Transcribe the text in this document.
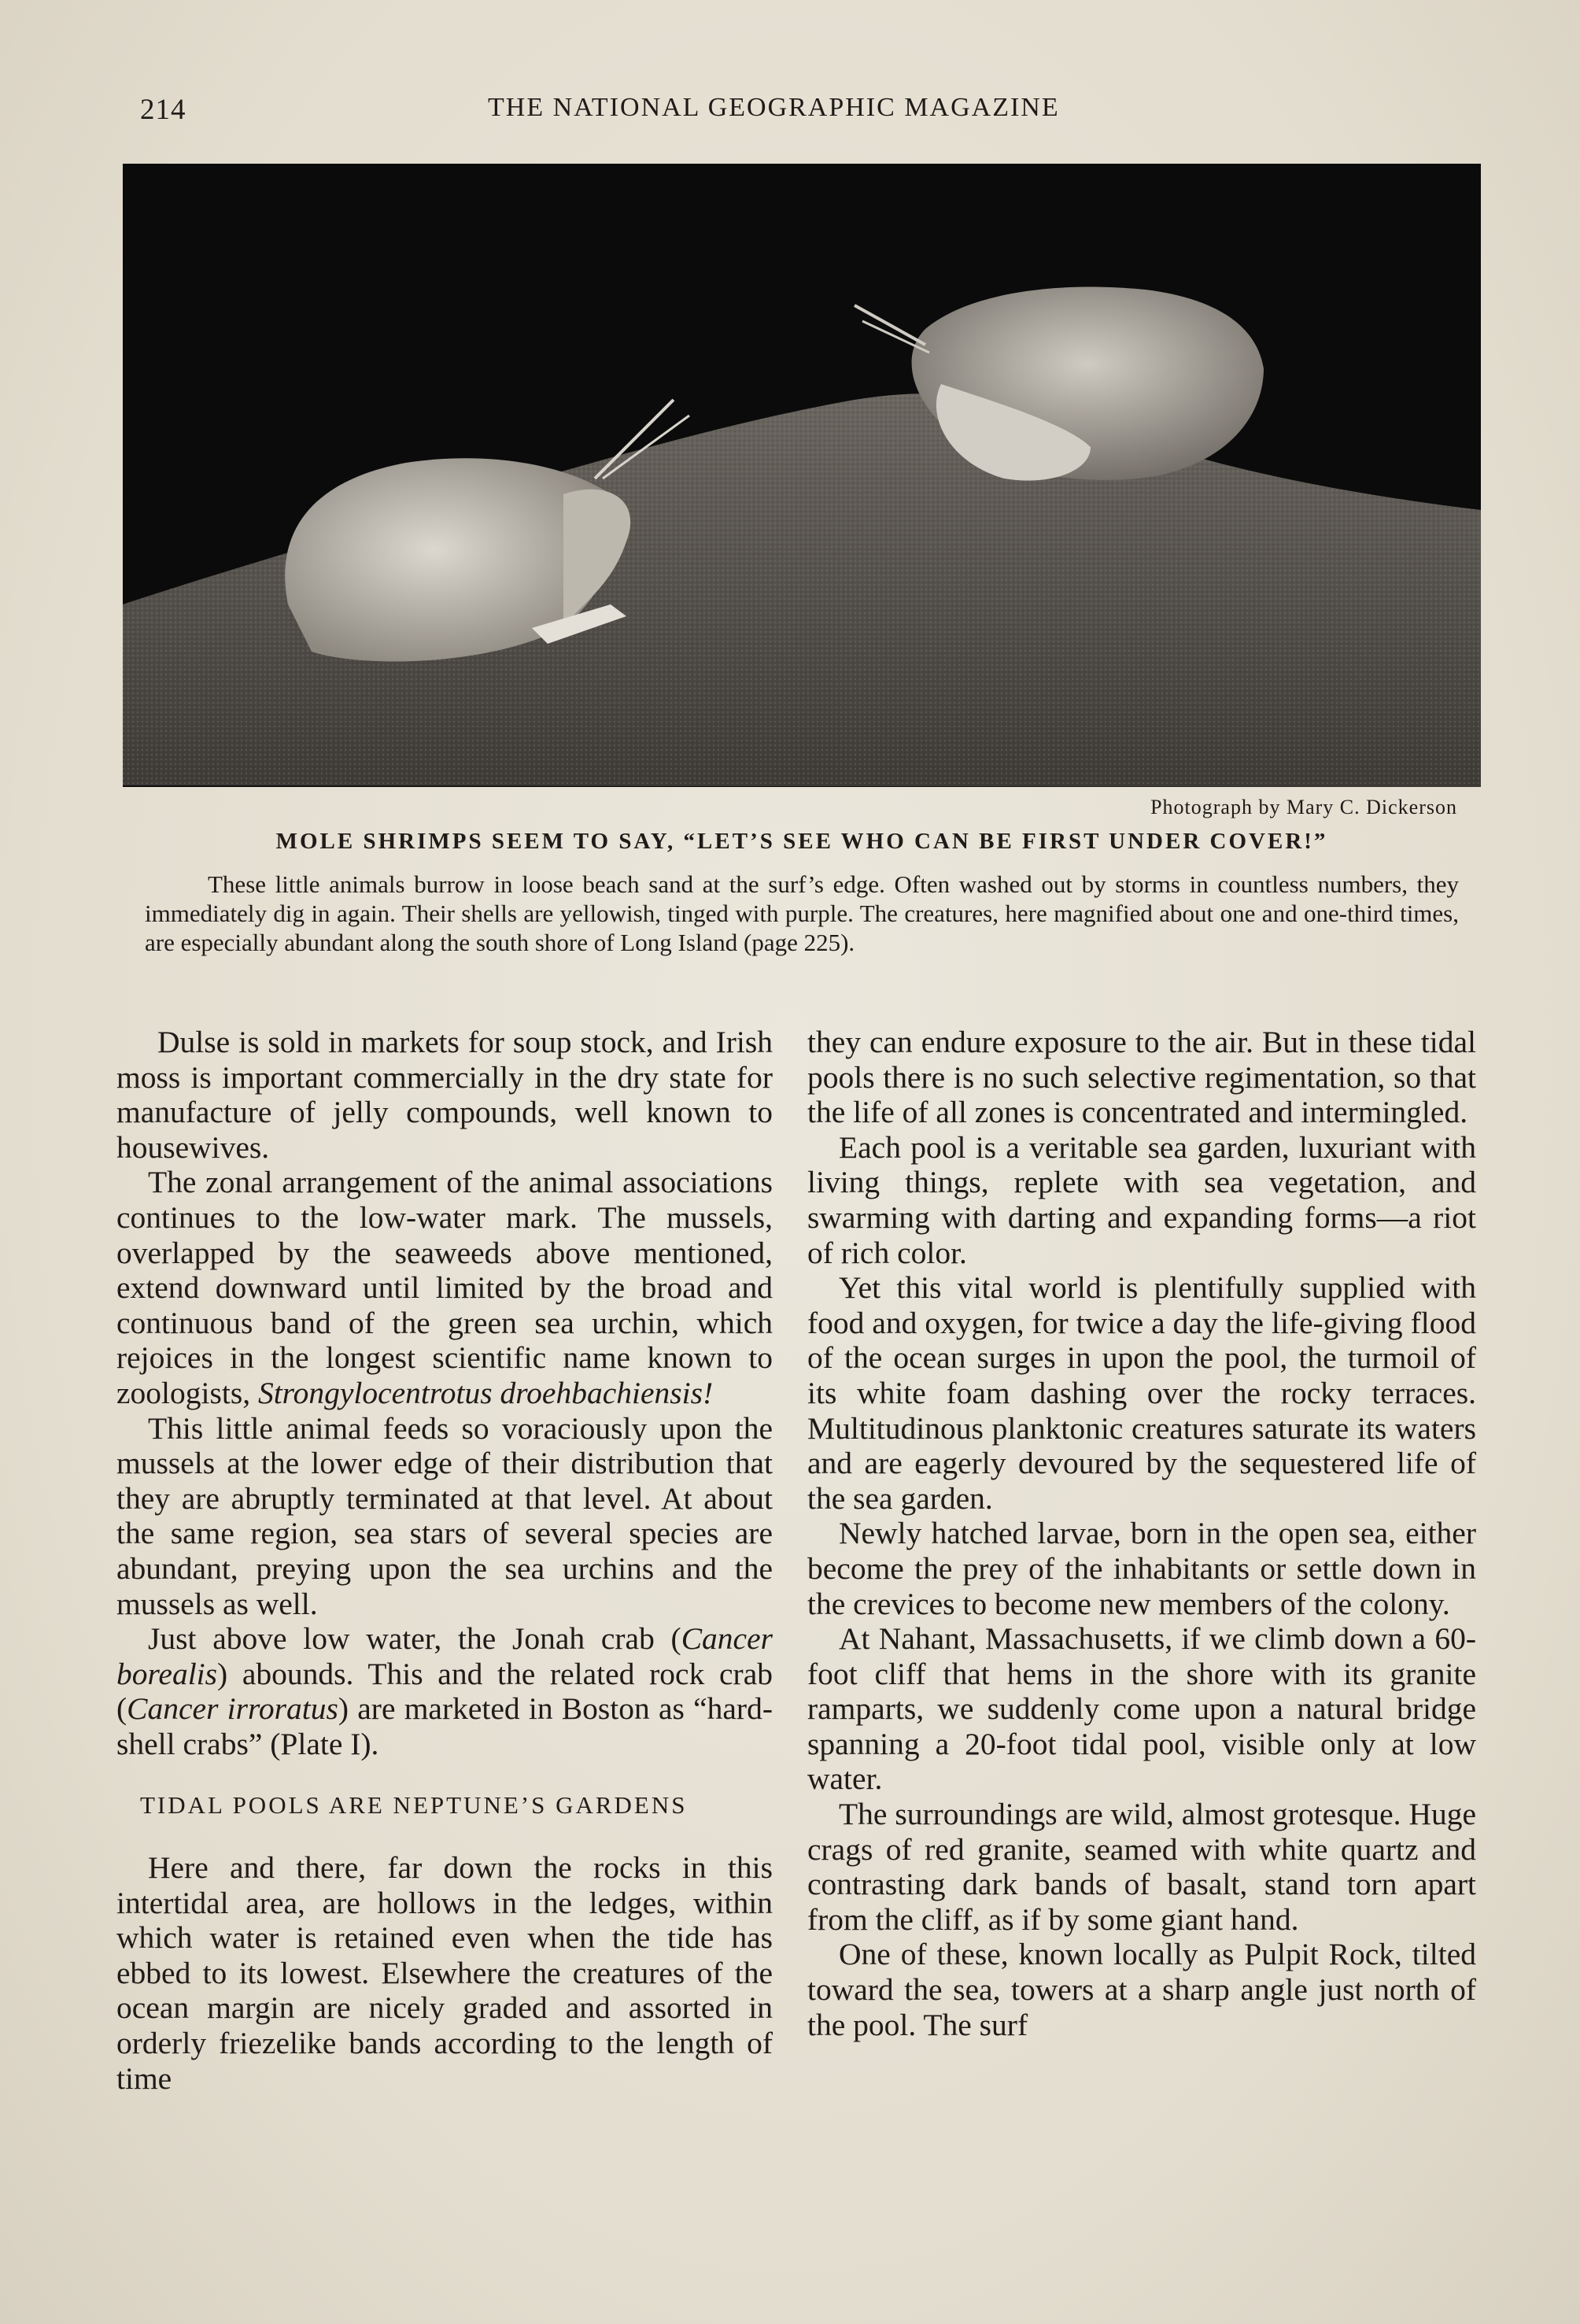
214	THE NATIONAL GEOGRAPHIC MAGAZINE
Photograph by Mary C. Dickerson
MOLE SHRIMPS SEEM TO SAY, “LET’S SEE WHO CAN BE FIRST UNDER COVER!”
These little animals burrow in loose beach sand at the surf’s edge. Often washed out by storms in countless numbers, they immediately dig in again. Their shells are yellowish, tinged with purple. The creatures, here magnified about one and one-third times, are especially abundant along the south shore of Long Island (page 225).

Dulse is sold in markets for soup stock, and Irish moss is important commercially in the dry state for manufacture of jelly compounds, well known to housewives.

The zonal arrangement of the animal associations continues to the low-water mark. The mussels, overlapped by the seaweeds above mentioned, extend downward until limited by the broad and continuous band of the green sea urchin, which rejoices in the longest scientific name known to zoologists, Strongylocentrotus droehbachiensis!

This little animal feeds so voraciously upon the mussels at the lower edge of their distribution that they are abruptly terminated at that level. At about the same region, sea stars of several species are abundant, preying upon the sea urchins and the mussels as well.

Just above low water, the Jonah crab (Cancer borealis) abounds. This and the related rock crab (Cancer irroratus) are marketed in Boston as “hard-shell crabs” (Plate I).

TIDAL POOLS ARE NEPTUNE’S GARDENS

Here and there, far down the rocks in this intertidal area, are hollows in the ledges, within which water is retained even when the tide has ebbed to its lowest. Elsewhere the creatures of the ocean margin are nicely graded and assorted in orderly friezelike bands according to the length of time

they can endure exposure to the air. But in these tidal pools there is no such selective regimentation, so that the life of all zones is concentrated and intermingled.

Each pool is a veritable sea garden, luxuriant with living things, replete with sea vegetation, and swarming with darting and expanding forms—a riot of rich color.

Yet this vital world is plentifully supplied with food and oxygen, for twice a day the life-giving flood of the ocean surges in upon the pool, the turmoil of its white foam dashing over the rocky terraces. Multitudinous planktonic creatures saturate its waters and are eagerly devoured by the sequestered life of the sea garden.

Newly hatched larvae, born in the open sea, either become the prey of the inhabitants or settle down in the crevices to become new members of the colony.

At Nahant, Massachusetts, if we climb down a 60-foot cliff that hems in the shore with its granite ramparts, we suddenly come upon a natural bridge spanning a 20-foot tidal pool, visible only at low water.

The surroundings are wild, almost grotesque. Huge crags of red granite, seamed with white quartz and contrasting dark bands of basalt, stand torn apart from the cliff, as if by some giant hand.

One of these, known locally as Pulpit Rock, tilted toward the sea, towers at a sharp angle just north of the pool. The surf
